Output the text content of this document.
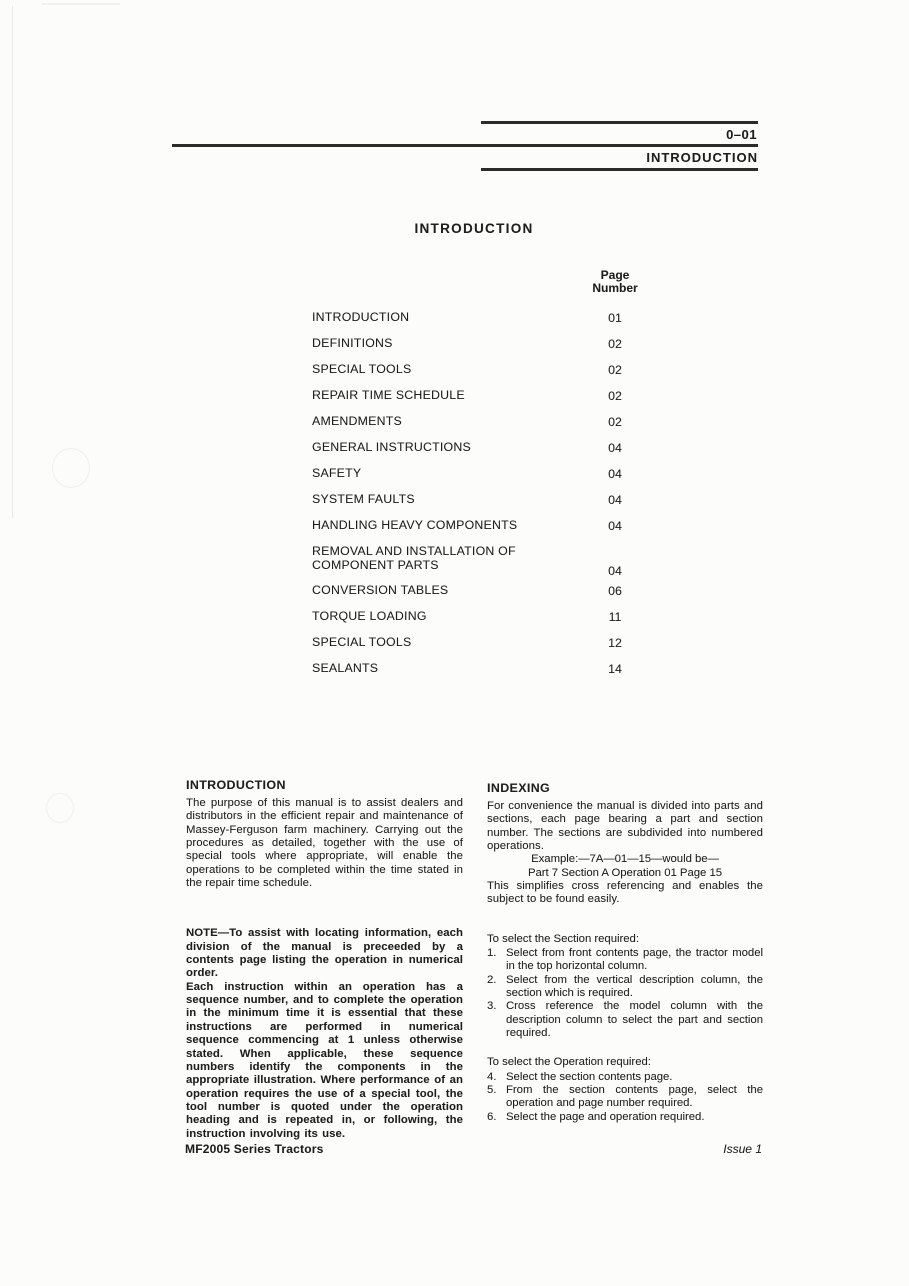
0–01
INTRODUCTION
INTRODUCTION
Page
Number
INTRODUCTION	01
DEFINITIONS	02
SPECIAL TOOLS	02
REPAIR TIME SCHEDULE	02
AMENDMENTS	02
GENERAL INSTRUCTIONS	04
SAFETY	04
SYSTEM FAULTS	04
HANDLING HEAVY COMPONENTS	04
REMOVAL AND INSTALLATION OF
COMPONENT PARTS	04
CONVERSION TABLES	06
TORQUE LOADING	11
SPECIAL TOOLS	12
SEALANTS	14
INTRODUCTION

The purpose of this manual is to assist dealers and distributors in the efficient repair and maintenance of Massey-Ferguson farm machinery. Carrying out the procedures as detailed, together with the use of special tools where appropriate, will enable the operations to be completed within the time stated in the repair time schedule.

NOTE—To assist with locating information, each division of the manual is preceeded by a contents page listing the operation in numerical order.

Each instruction within an operation has a sequence number, and to complete the operation in the minimum time it is essential that these instructions are performed in numerical sequence commencing at 1 unless otherwise stated. When applicable, these sequence numbers identify the components in the appropriate illustration. Where performance of an operation requires the use of a special tool, the tool number is quoted under the operation heading and is repeated in, or following, the instruction involving its use.

INDEXING

For convenience the manual is divided into parts and sections, each page bearing a part and section number. The sections are subdivided into numbered operations.

Example:—7A—01—15—would be—
Part 7 Section A Operation 01 Page 15

This simplifies cross referencing and enables the subject to be found easily.

To select the Section required:
1. Select from front contents page, the tractor model in the top horizontal column.
2. Select from the vertical description column, the section which is required.
3. Cross reference the model column with the description column to select the part and section required.
To select the Operation required:
4. Select the section contents page.
5. From the section contents page, select the operation and page number required.
6. Select the page and operation required.
MF2005 Series Tractors	Issue 1
